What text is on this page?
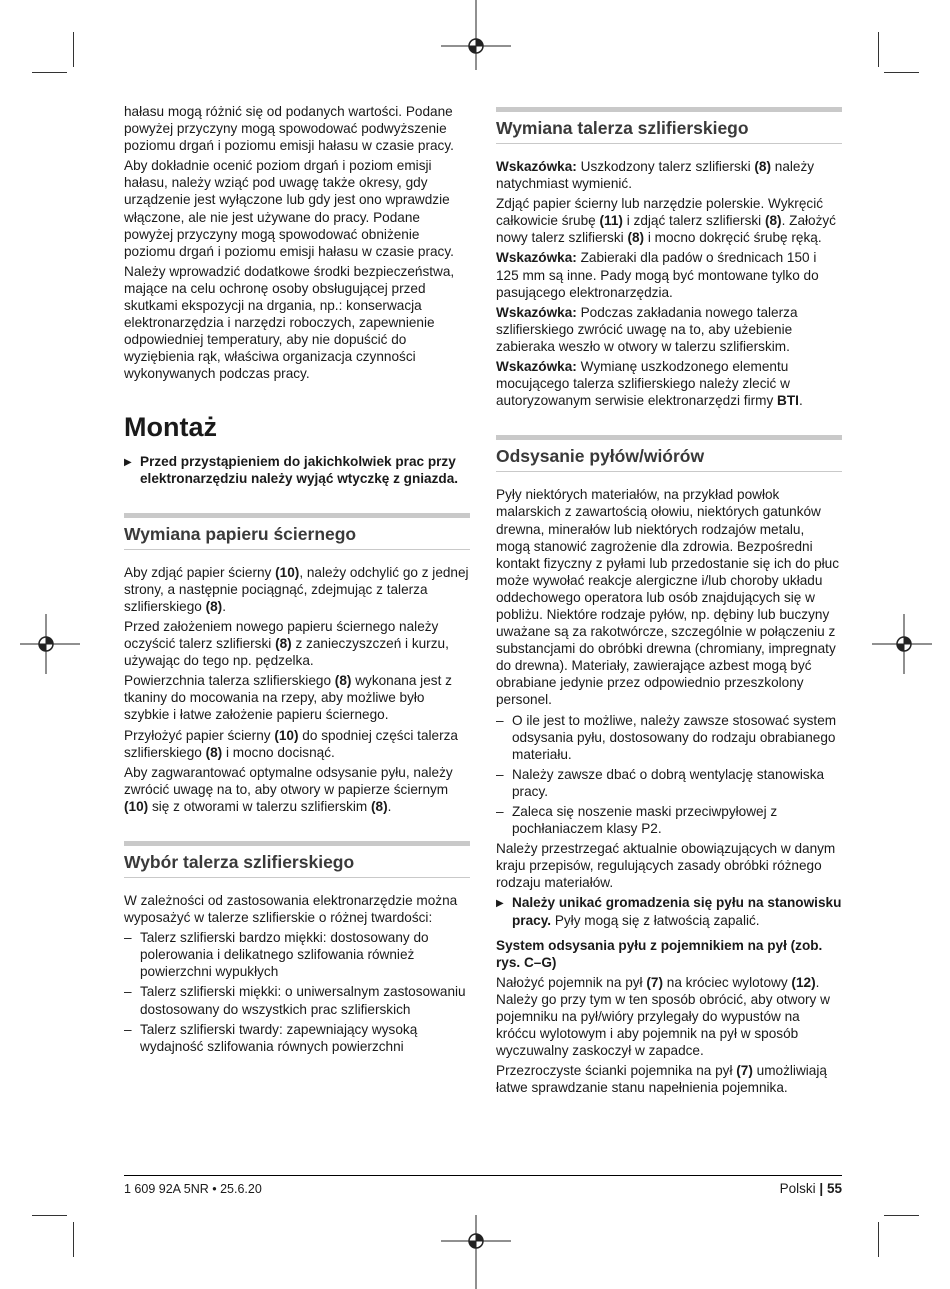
hałasu mogą różnić się od podanych wartości. Podane powyżej przyczyny mogą spowodować podwyższenie poziomu drgań i poziomu emisji hałasu w czasie pracy.

Aby dokładnie ocenić poziom drgań i poziom emisji hałasu, należy wziąć pod uwagę także okresy, gdy urządzenie jest wyłączone lub gdy jest ono wprawdzie włączone, ale nie jest używane do pracy. Podane powyżej przyczyny mogą spowodować obniżenie poziomu drgań i poziomu emisji hałasu w czasie pracy.

Należy wprowadzić dodatkowe środki bezpieczeństwa, mające na celu ochronę osoby obsługującej przed skutkami ekspozycji na drgania, np.: konserwacja elektronarzędzia i narzędzi roboczych, zapewnienie odpowiedniej temperatury, aby nie dopuścić do wyziębienia rąk, właściwa organizacja czynności wykonywanych podczas pracy.

Montaż
▶ Przed przystąpieniem do jakichkolwiek prac przy elektronarzędziu należy wyjąć wtyczkę z gniazda.
Wymiana papieru ściernego

Aby zdjąć papier ścierny (10), należy odchylić go z jednej strony, a następnie pociągnąć, zdejmując z talerza szlifierskiego (8).

Przed założeniem nowego papieru ściernego należy oczyścić talerz szlifierski (8) z zanieczyszczeń i kurzu, używając do tego np. pędzelka.

Powierzchnia talerza szlifierskiego (8) wykonana jest z tkaniny do mocowania na rzepy, aby możliwe było szybkie i łatwe założenie papieru ściernego.

Przyłożyć papier ścierny (10) do spodniej części talerza szlifierskiego (8) i mocno docisnąć.

Aby zagwarantować optymalne odsysanie pyłu, należy zwrócić uwagę na to, aby otwory w papierze ściernym (10) się z otworami w talerzu szlifierskim (8).

Wybór talerza szlifierskiego

W zależności od zastosowania elektronarzędzie można wyposażyć w talerze szlifierskie o różnej twardości:

– Talerz szlifierski bardzo miękki: dostosowany do polerowania i delikatnego szlifowania również powierzchni wypukłych
– Talerz szlifierski miękki: o uniwersalnym zastosowaniu dostosowany do wszystkich prac szlifierskich
– Talerz szlifierski twardy: zapewniający wysoką wydajność szlifowania równych powierzchni
Wymiana talerza szlifierskiego

Wskazówka: Uszkodzony talerz szlifierski (8) należy natychmiast wymienić.

Zdjąć papier ścierny lub narzędzie polerskie. Wykręcić całkowicie śrubę (11) i zdjąć talerz szlifierski (8). Założyć nowy talerz szlifierski (8) i mocno dokręcić śrubę ręką.

Wskazówka: Zabieraki dla padów o średnicach 150 i 125 mm są inne. Pady mogą być montowane tylko do pasującego elektronarzędzia.

Wskazówka: Podczas zakładania nowego talerza szlifierskiego zwrócić uwagę na to, aby użebienie zabieraka weszło w otwory w talerzu szlifierskim.

Wskazówka: Wymianę uszkodzonego elementu mocującego talerza szlifierskiego należy zlecić w autoryzowanym serwisie elektronarzędzi firmy BTI.

Odsysanie pyłów/wiórów

Pyły niektórych materiałów, na przykład powłok malarskich z zawartością ołowiu, niektórych gatunków drewna, minerałów lub niektórych rodzajów metalu, mogą stanowić zagrożenie dla zdrowia. Bezpośredni kontakt fizyczny z pyłami lub przedostanie się ich do płuc może wywołać reakcje alergiczne i/lub choroby układu oddechowego operatora lub osób znajdujących się w pobliżu. Niektóre rodzaje pyłów, np. dębiny lub buczyny uważane są za rakotwórcze, szczególnie w połączeniu z substancjami do obróbki drewna (chromiany, impregnaty do drewna). Materiały, zawierające azbest mogą być obrabiane jedynie przez odpowiednio przeszkolony personel.

– O ile jest to możliwe, należy zawsze stosować system odsysania pyłu, dostosowany do rodzaju obrabianego materiału.
– Należy zawsze dbać o dobrą wentylację stanowiska pracy.
– Zaleca się noszenie maski przeciwpyłowej z pochłaniaczem klasy P2.

Należy przestrzegać aktualnie obowiązujących w danym kraju przepisów, regulujących zasady obróbki różnego rodzaju materiałów.

▶ Należy unikać gromadzenia się pyłu na stanowisku pracy. Pyły mogą się z łatwością zapalić.

System odsysania pyłu z pojemnikiem na pył (zob. rys. C–G)

Nałożyć pojemnik na pył (7) na króciec wylotowy (12). Należy go przy tym w ten sposób obrócić, aby otwory w pojemniku na pył/wióry przylegały do wypustów na króćcu wylotowym i aby pojemnik na pył w sposób wyczuwalny zaskoczył w zapadce.

Przezroczyste ścianki pojemnika na pył (7) umożliwiają łatwe sprawdzanie stanu napełnienia pojemnika.

1 609 92A 5NR • 25.6.20	Polski | 55
